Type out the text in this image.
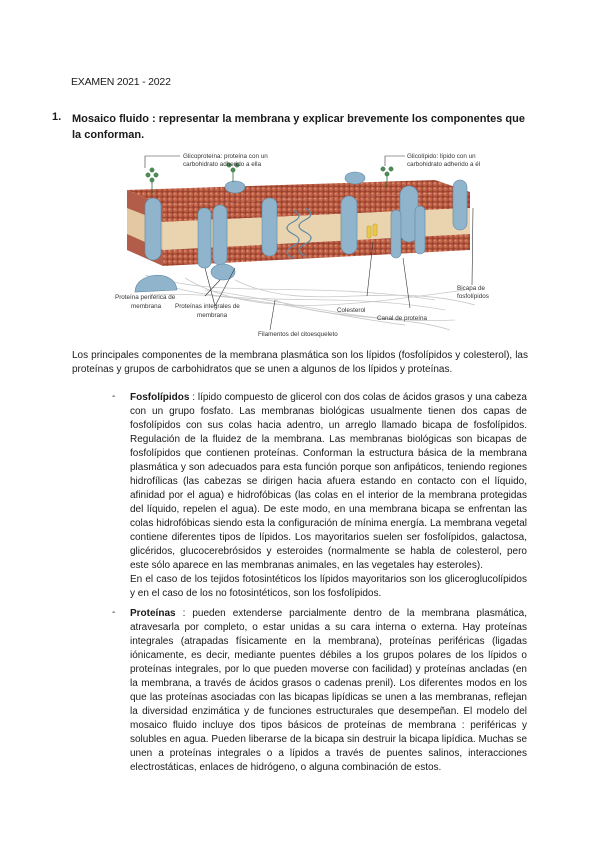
EXAMEN 2021 - 2022
1. Mosaico fluido : representar la membrana y explicar brevemente los componentes que la conforman.
Glicoproteína: proteína con un
carbohidrato adherido a ella
Glicolípido: lípido con un
carbohidrato adherido a él
Bicapa de
fosfolípidos
Proteína periférica de
membrana Proteínas integrales de
membrana
Colesterol
Canal de proteína
Filamentos del citoesqueleto
Los principales componentes de la membrana plasmática son los lípidos (fosfolípidos y colesterol), las proteínas y grupos de carbohidratos que se unen a algunos de los lípidos y proteínas.
- Fosfolípidos : lípido compuesto de glicerol con dos colas de ácidos grasos y una cabeza con un grupo fosfato. Las membranas biológicas usualmente tienen dos capas de fosfolípidos con sus colas hacia adentro, un arreglo llamado bicapa de fosfolípidos. Regulación de la fluidez de la membrana. Las membranas biológicas son bicapas de fosfolípidos que contienen proteínas. Conforman la estructura básica de la membrana plasmática y son adecuados para esta función porque son anfipáticos, teniendo regiones hidrofílicas (las cabezas se dirigen hacia afuera estando en contacto con el líquido, afinidad por el agua) e hidrofóbicas (las colas en el interior de la membrana protegidas del líquido, repelen el agua). De este modo, en una membrana bicapa se enfrentan las colas hidrofóbicas siendo esta la configuración de mínima energía. La membrana vegetal contiene diferentes tipos de lípidos. Los mayoritarios suelen ser fosfolípidos, galactosa, glicéridos, glucocerebrósidos y esteroides (normalmente se habla de colesterol, pero este sólo aparece en las membranas animales, en las vegetales hay esteroles).

En el caso de los tejidos fotosintéticos los lípidos mayoritarios son los gliceroglucolípidos y en el caso de los no fotosintéticos, son los fosfolípidos.

- Proteínas : pueden extenderse parcialmente dentro de la membrana plasmática, atravesarla por completo, o estar unidas a su cara interna o externa. Hay proteínas integrales (atrapadas físicamente en la membrana), proteínas periféricas (ligadas iónicamente, es decir, mediante puentes débiles a los grupos polares de los lípidos o proteínas integrales, por lo que pueden moverse con facilidad) y proteínas ancladas (en la membrana, a través de ácidos grasos o cadenas prenil). Los diferentes modos en los que las proteínas asociadas con las bicapas lipídicas se unen a las membranas, reflejan la diversidad enzimática y de funciones estructurales que desempeñan. El modelo del mosaico fluido incluye dos tipos básicos de proteínas de membrana : periféricas y solubles en agua. Pueden liberarse de la bicapa sin destruir la bicapa lipídica. Muchas se unen a proteínas integrales o a lípidos a través de puentes salinos, interacciones electrostáticas, enlaces de hidrógeno, o alguna combinación de estos.
